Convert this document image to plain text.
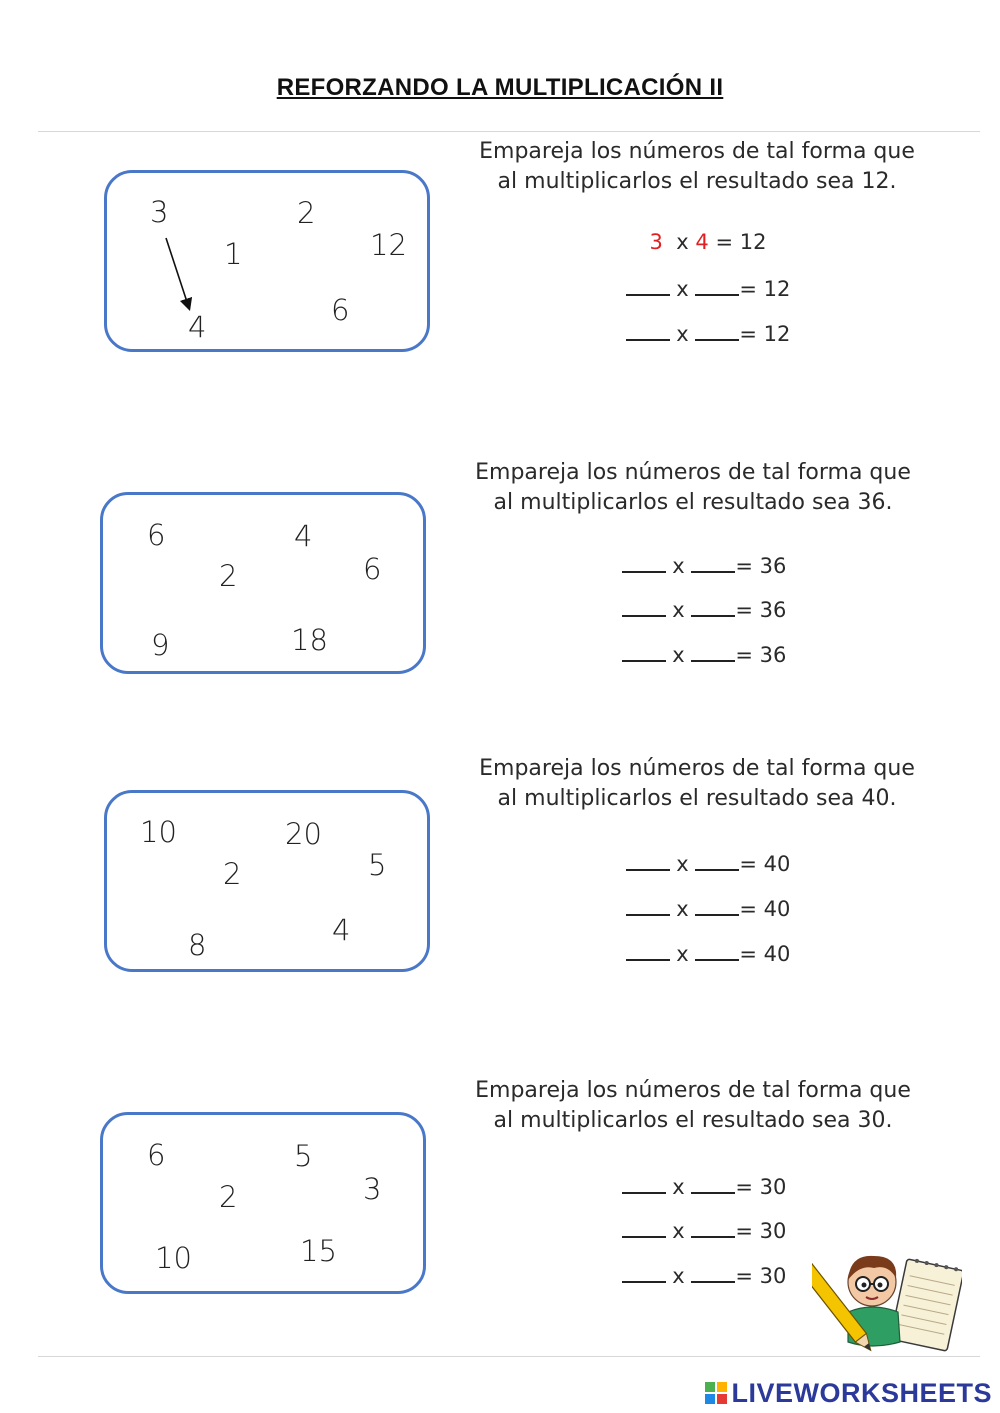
REFORZANDO LA MULTIPLICACIÓN II
3	2
1	12
4	6
Empareja los números de tal forma que
al multiplicarlos el resultado sea 12.
3 x 4 = 12
x = 12
x = 12
6	4
2	6
9	18
Empareja los números de tal forma que
al multiplicarlos el resultado sea 36.
x = 36
x = 36
x = 36
10	20
2	5
8	4
Empareja los números de tal forma que
al multiplicarlos el resultado sea 40.
x = 40
x = 40
x = 40
6	5
2	3
10	15
Empareja los números de tal forma que
al multiplicarlos el resultado sea 30.
x = 30
x = 30
x = 30
LIVEWORKSHEETS
